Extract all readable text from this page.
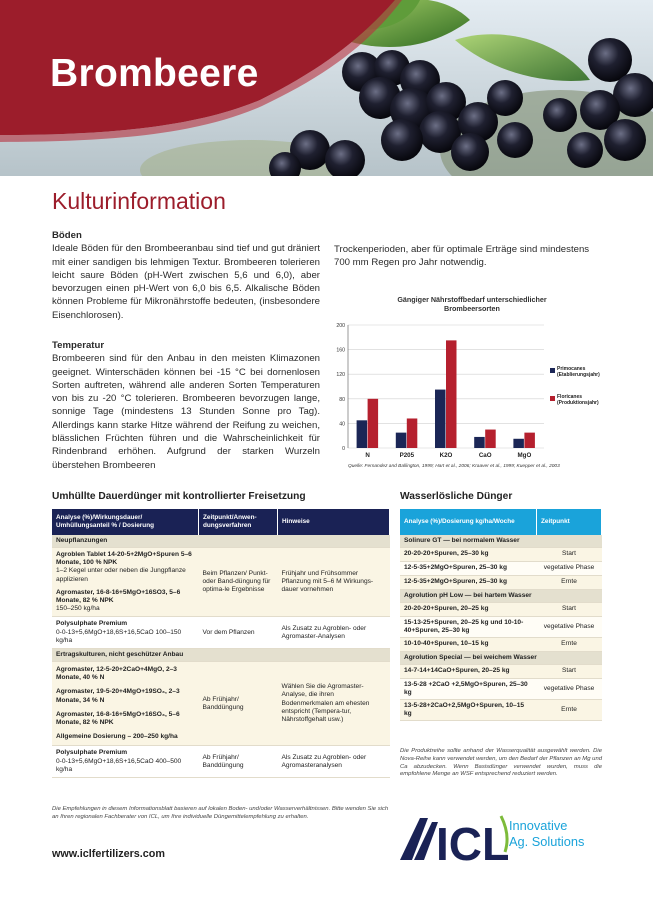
Brombeere
Kulturinformation
Böden
Ideale Böden für den Brombeeranbau sind tief und gut dräniert mit einer sandigen bis lehmigen Textur. Brombeeren tolerieren leicht saure Böden (pH-Wert zwischen 5,6 und 6,0), aber bevorzugen einen pH-Wert von 6,0 bis 6,5. Alkalische Böden können Probleme für Mikronährstoffe bedeuten, (insbesondere Eisenchlorosen).
Temperatur
Brombeeren sind für den Anbau in den meisten Klimazonen geeignet. Winterschäden können bei -15 °C bei dornenlosen Sorten auftreten, während alle anderen Sorten Temperaturen von bis zu -20 °C tolerieren. Brombeeren bevorzugen lange, sonnige Tage (mindestens 13 Stunden Sonne pro Tag). Allerdings kann starke Hitze während der Reifung zu weichen, blässlichen Früchten führen und die Wahrscheinlichkeit für Rindenbrand erhöhen. Aufgrund der starken Wurzeln überstehen Brombeeren
Trockenperioden, aber für optimale Erträge sind mindestens 700 mm Regen pro Jahr notwendig.
Gängiger Nährstoffbedarf unterschiedlicher Brombeersorten
0
40
80
120
160
200
N	P205	K2O	CaO	MgO
Primocanes (Etablierungsjahr)
Floricanes (Produktionsjahr)
Quelle: Fernandez and Ballington, 1999; Hart et al., 2006; Kraaver et al., 1999; Kuepper et al., 2003
Umhüllte Dauerdünger mit kontrollierter Freisetzung
Analyse (%)/Wirkungsdauer/ Umhüllungsanteil % / Dosierung	Zeitpunkt/Anwen-dungsverfahren	Hinweise
Neupflanzungen		

Agroblen Tablet 14-20-5+2MgO+Spuren 5–6 Monate, 100 % NPK
1–2 Kegel unter oder neben die Jungpflanze applizieren
Agromaster, 16-8-16+5MgO+16SO3, 5–6 Monate, 82 % NPK
150–250 kg/ha	Beim Pflanzen/ Punkt- oder Band-düngung für optima-le Ergebnisse	Frühjahr und Frühsommer Pflanzung mit 5–6 M Wirkungs-dauer vornehmen

Polysulphate Premium
0-0-13+5,6MgO+18,6S+16,5CaO 100–150 kg/ha	Vor dem Pflanzen	Als Zusatz zu Agroblen- oder Agromaster-Analysen
Ertragskulturen, nicht geschützer Anbau		

Agromaster, 12-5-20+2CaO+4MgO, 2–3 Monate, 40 % N
Agromaster, 19-5-20+4MgO+19SO₃, 2–3 Monate, 34 % N
Agromaster, 16-8-16+5MgO+16SO₃, 5–6 Monate, 82 % NPK
Allgemeine Dosierung – 200–250 kg/ha	Ab Frühjahr/ Banddüngung	Wählen Sie die Agromaster-Analyse, die ihren Bodenmerkmalen am ehesten entspricht (Tempera-tur, Nährstoffgehalt usw.)

Polysulphate Premium
0-0-13+5,6MgO+18,6S+16,5CaO 400–500 kg/ha	Ab Frühjahr/ Banddüngung	Als Zusatz zu Agroblen- oder Agromasteranalysen
Die Empfehlungen in diesem Informationsblatt basieren auf lokalen Boden- und/oder Wasserverhältnissen. Bitte wenden Sie sich an Ihren regionalen Fachberater von ICL, um Ihre individuelle Düngemittelempfehlung zu erhalten.
Wasserlösliche Dünger
Analyse (%)/Dosierung kg/ha/Woche	Zeitpunkt
Solinure GT — bei normalem Wasser	
20-20-20+Spuren, 25–30 kg	Start
12-5-35+2MgO+Spuren, 25–30 kg	vegetative Phase
12-5-35+2MgO+Spuren, 25–30 kg	Ernte
Agrolution pH Low — bei hartem Wasser	
20-20-20+Spuren, 20–25 kg	Start
15-13-25+Spuren, 20–25 kg und 10-10-40+Spuren, 25–30 kg	vegetative Phase
10-10-40+Spuren, 10–15 kg	Ernte
Agrolution Special — bei weichem Wasser	
14-7-14+14CaO+Spuren, 20–25 kg	Start
13-5-28 +2CaO +2,5MgO+Spuren, 25–30 kg	vegetative Phase
13-5-28+2CaO+2,5MgO+Spuren, 10–15 kg	Ernte
Die Produktreihe sollte anhand der Wasserqualität ausgewählt werden. Die Nova-Reihe kann verwendet werden, um den Bedarf der Pflanzen an Mg und Ca abzudecken. Wenn Basisdünger verwendet wurden, muss die empfohlene Menge an WSF entsprechend reduziert werden.
www.iclfertilizers.com	ICL
Innovative
Ag. Solutions
